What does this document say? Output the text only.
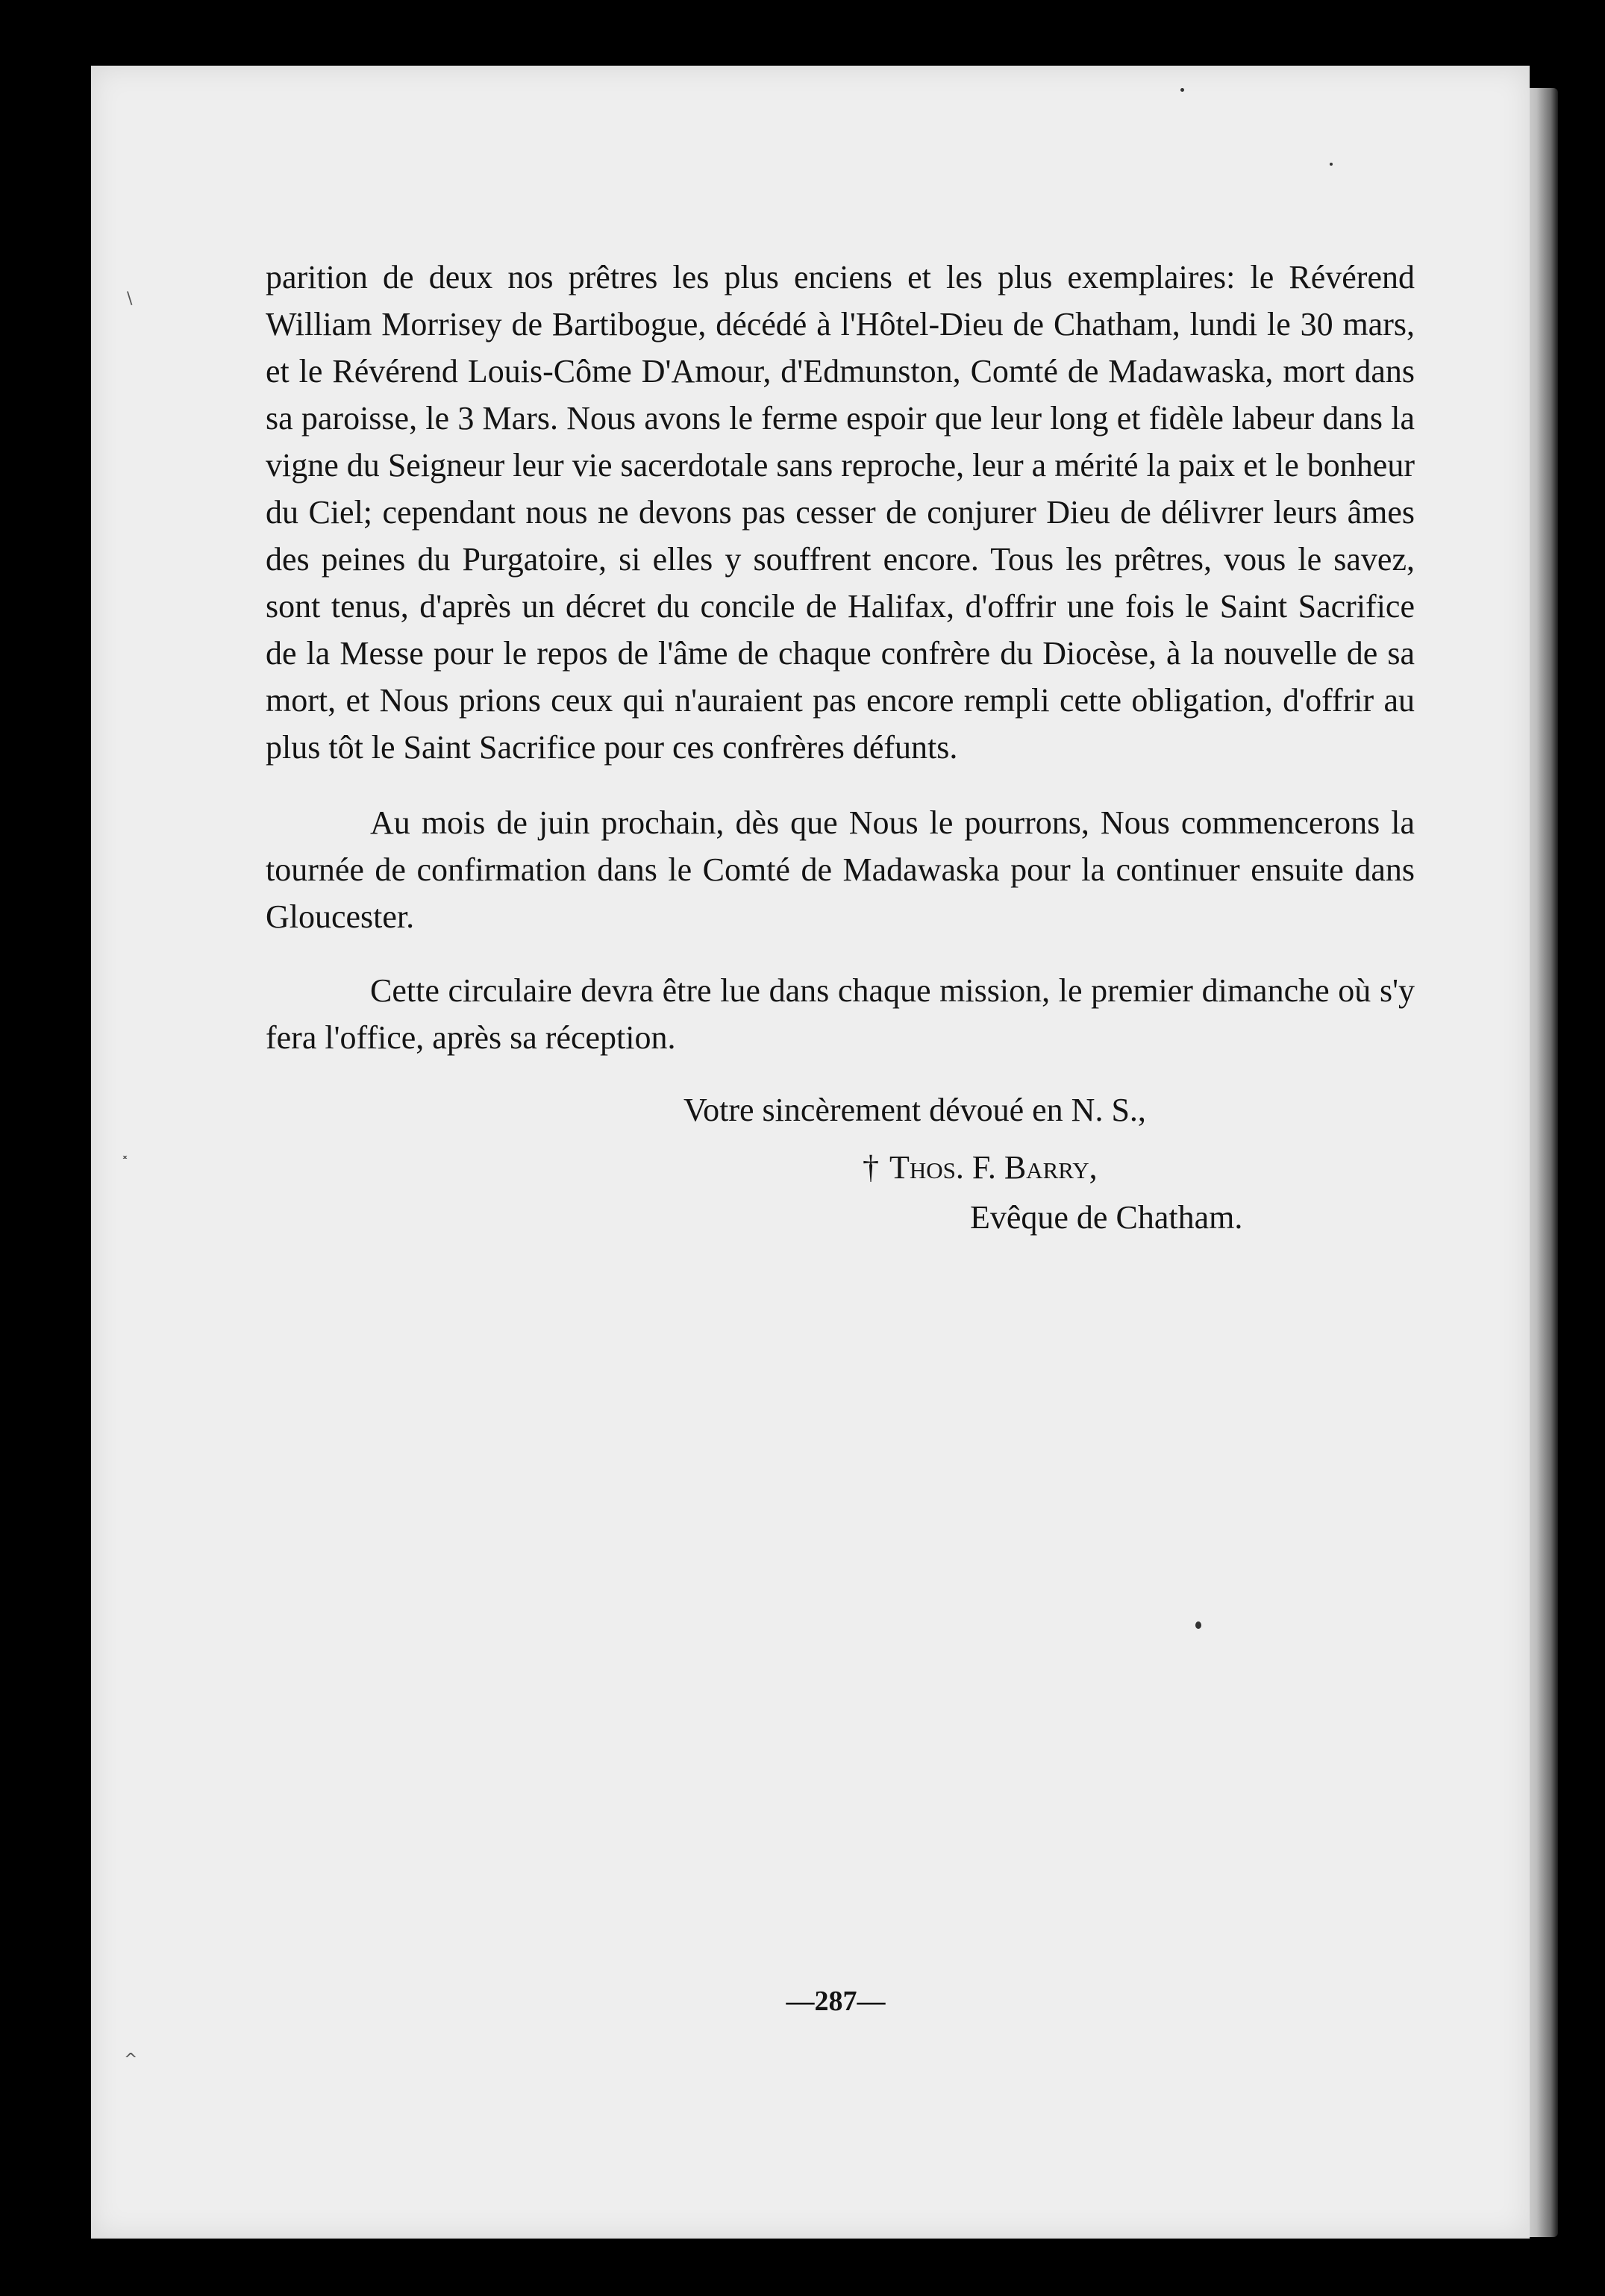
\
˟
^

parition de deux nos prêtres les plus enciens et les plus exemplaires: le Révérend William Morrisey de Bartibogue, décédé à l'Hôtel-Dieu de Chatham, lundi le 30 mars, et le Révérend Louis-Côme D'Amour, d'Edmunston, Comté de Madawaska, mort dans sa paroisse, le 3 Mars. Nous avons le ferme espoir que leur long et fidèle labeur dans la vigne du Seigneur leur vie sacerdotale sans reproche, leur a mérité la paix et le bonheur du Ciel; cependant nous ne devons pas cesser de conjurer Dieu de délivrer leurs âmes des peines du Purgatoire, si elles y souffrent encore. Tous les prêtres, vous le savez, sont tenus, d'après un décret du concile de Halifax, d'offrir une fois le Saint Sacrifice de la Messe pour le repos de l'âme de chaque confrère du Diocèse, à la nouvelle de sa mort, et Nous prions ceux qui n'auraient pas encore rempli cette obligation, d'offrir au plus tôt le Saint Sacrifice pour ces confrères défunts.

Au mois de juin prochain, dès que Nous le pourrons, Nous commencerons la tournée de confirmation dans le Comté de Madawaska pour la continuer ensuite dans Gloucester.

Cette circulaire devra être lue dans chaque mission, le premier dimanche où s'y fera l'office, après sa réception.

Votre sincèrement dévoué en N. S.,

† Thos. F. Barry,

Evêque de Chatham.

—287—
